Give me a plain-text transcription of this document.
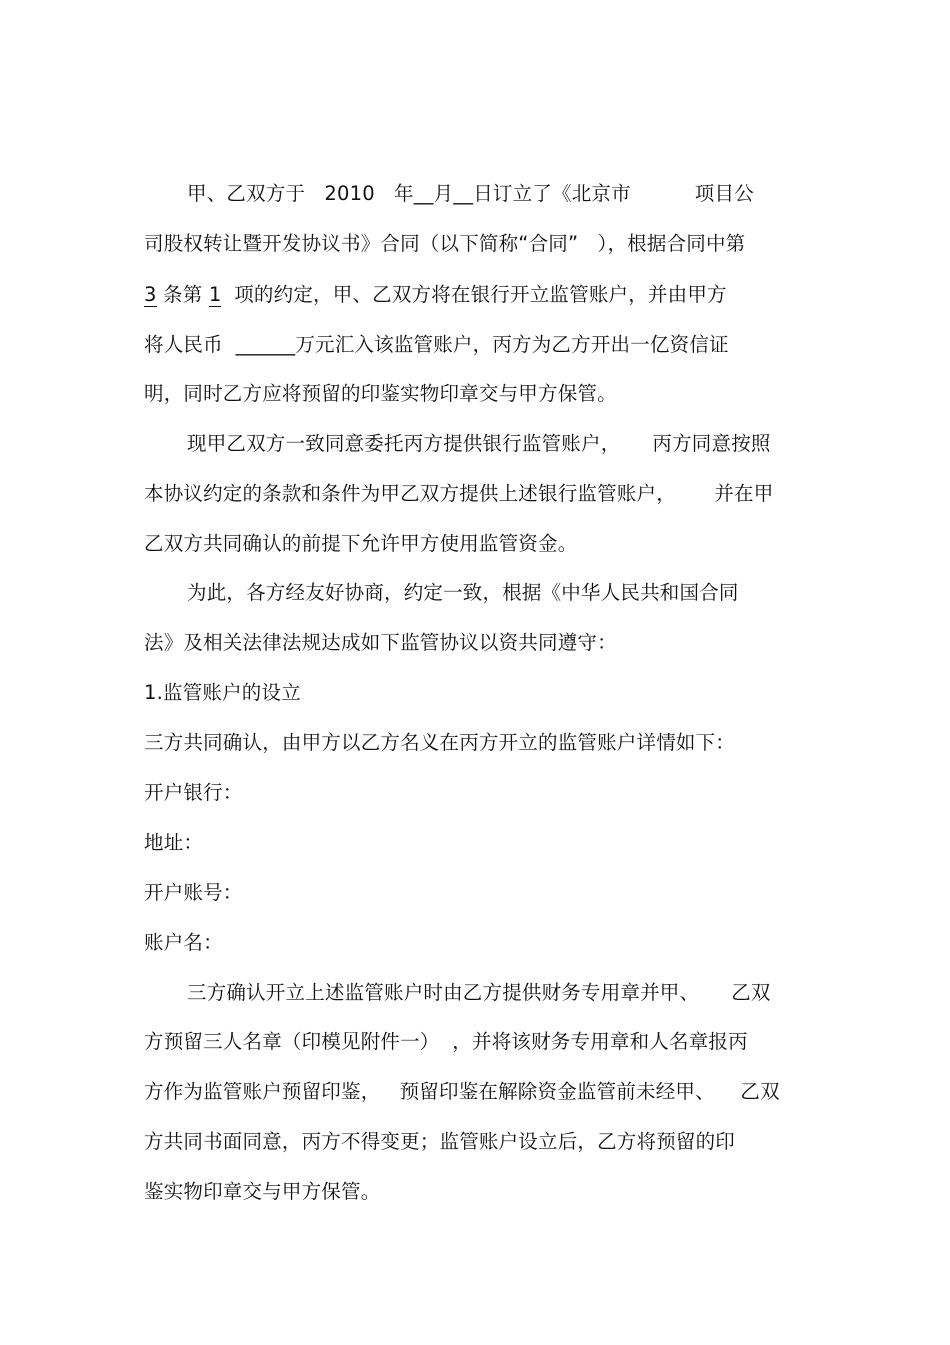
甲、乙双方于   2010   年__月__日订立了《北京市          项目公
司股权转让暨开发协议书》合同（以下简称“合同”   ），根据合同中第
3 条第 1  项的约定，甲、乙双方将在银行开立监管账户，并由甲方
将人民币  ______万元汇入该监管账户，丙方为乙方开出一亿资信证
明，同时乙方应将预留的印鉴实物印章交与甲方保管。
现甲乙双方一致同意委托丙方提供银行监管账户，     丙方同意按照
本协议约定的条款和条件为甲乙双方提供上述银行监管账户，      并在甲
乙双方共同确认的前提下允许甲方使用监管资金。
为此，各方经友好协商，约定一致，根据《中华人民共和国合同
法》及相关法律法规达成如下监管协议以资共同遵守：
1.监管账户的设立
三方共同确认，由甲方以乙方名义在丙方开立的监管账户详情如下：
开户银行：
地址：
开户账号：
账户名：
三方确认开立上述监管账户时由乙方提供财务专用章并甲、     乙双
方预留三人名章（印模见附件一）  ，并将该财务专用章和人名章报丙
方作为监管账户预留印鉴，   预留印鉴在解除资金监管前未经甲、    乙双
方共同书面同意，丙方不得变更；监管账户设立后，乙方将预留的印
鉴实物印章交与甲方保管。
